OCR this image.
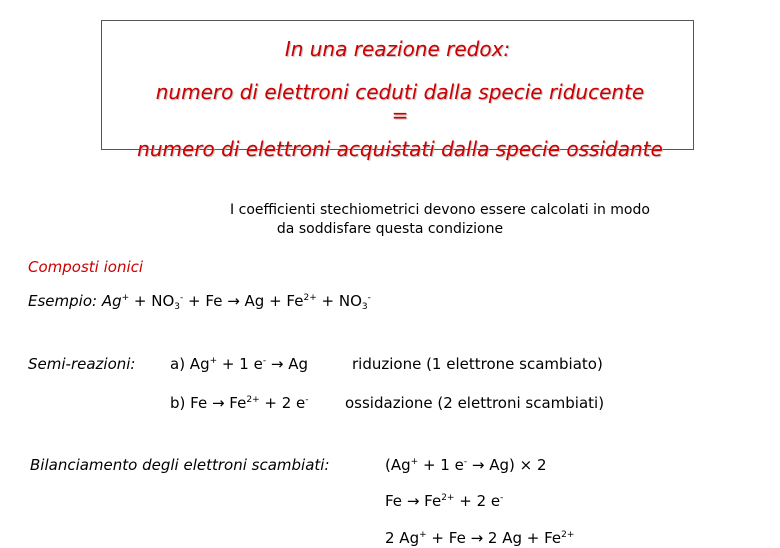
In una reazione redox:
numero di elettroni ceduti dalla specie riducente
=
numero di elettroni acquistati dalla specie ossidante
I coefficienti stechiometrici devono essere calcolati in modo
da soddisfare questa condizione
Composti ionici
Esempio: $Ag^+ + NO_3^- + Fe \to Ag + Fe^{2+} + NO_3^-$
Semi-reazioni: a) Ag+ + 1 e- → Ag	riduzione (1 elettrone scambiato)
b) $Fe \to Fe^{2+} + 2$ e- ossidazione (2 elettroni scambiati)
Bilanciamento degli elettroni scambiati:	(Ag+ + 1 e- → Ag) × 2
$Fe \to Fe^{2+} + 2$ e-
2 Ag+ + Fe → 2 $Ag + Fe^{2+}$
